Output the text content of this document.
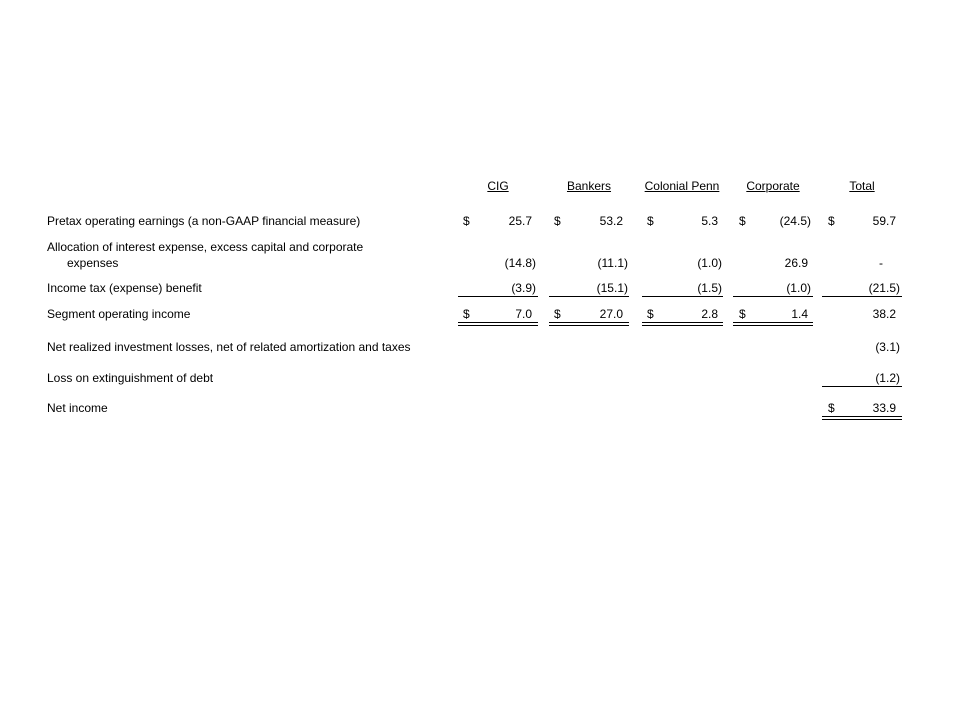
CIG	Bankers	Colonial Penn	Corporate	Total
Pretax operating earnings (a non-GAAP financial measure)	$	25.7 $	53.2 $	5.3 $	(24.5) $	59.7
Allocation of interest expense, excess capital and corporate
expenses	(14.8)	(11.1)	(1.0)	26.9	-
Income tax (expense) benefit	(3.9)	(15.1)	(1.5)	(1.0)	(21.5)
Segment operating income	$	7.0 $	27.0 $	2.8 $	1.4	38.2
Net realized investment losses, net of related amortization and taxes	(3.1)
Loss on extinguishment of debt	(1.2)
Net income	$	33.9
